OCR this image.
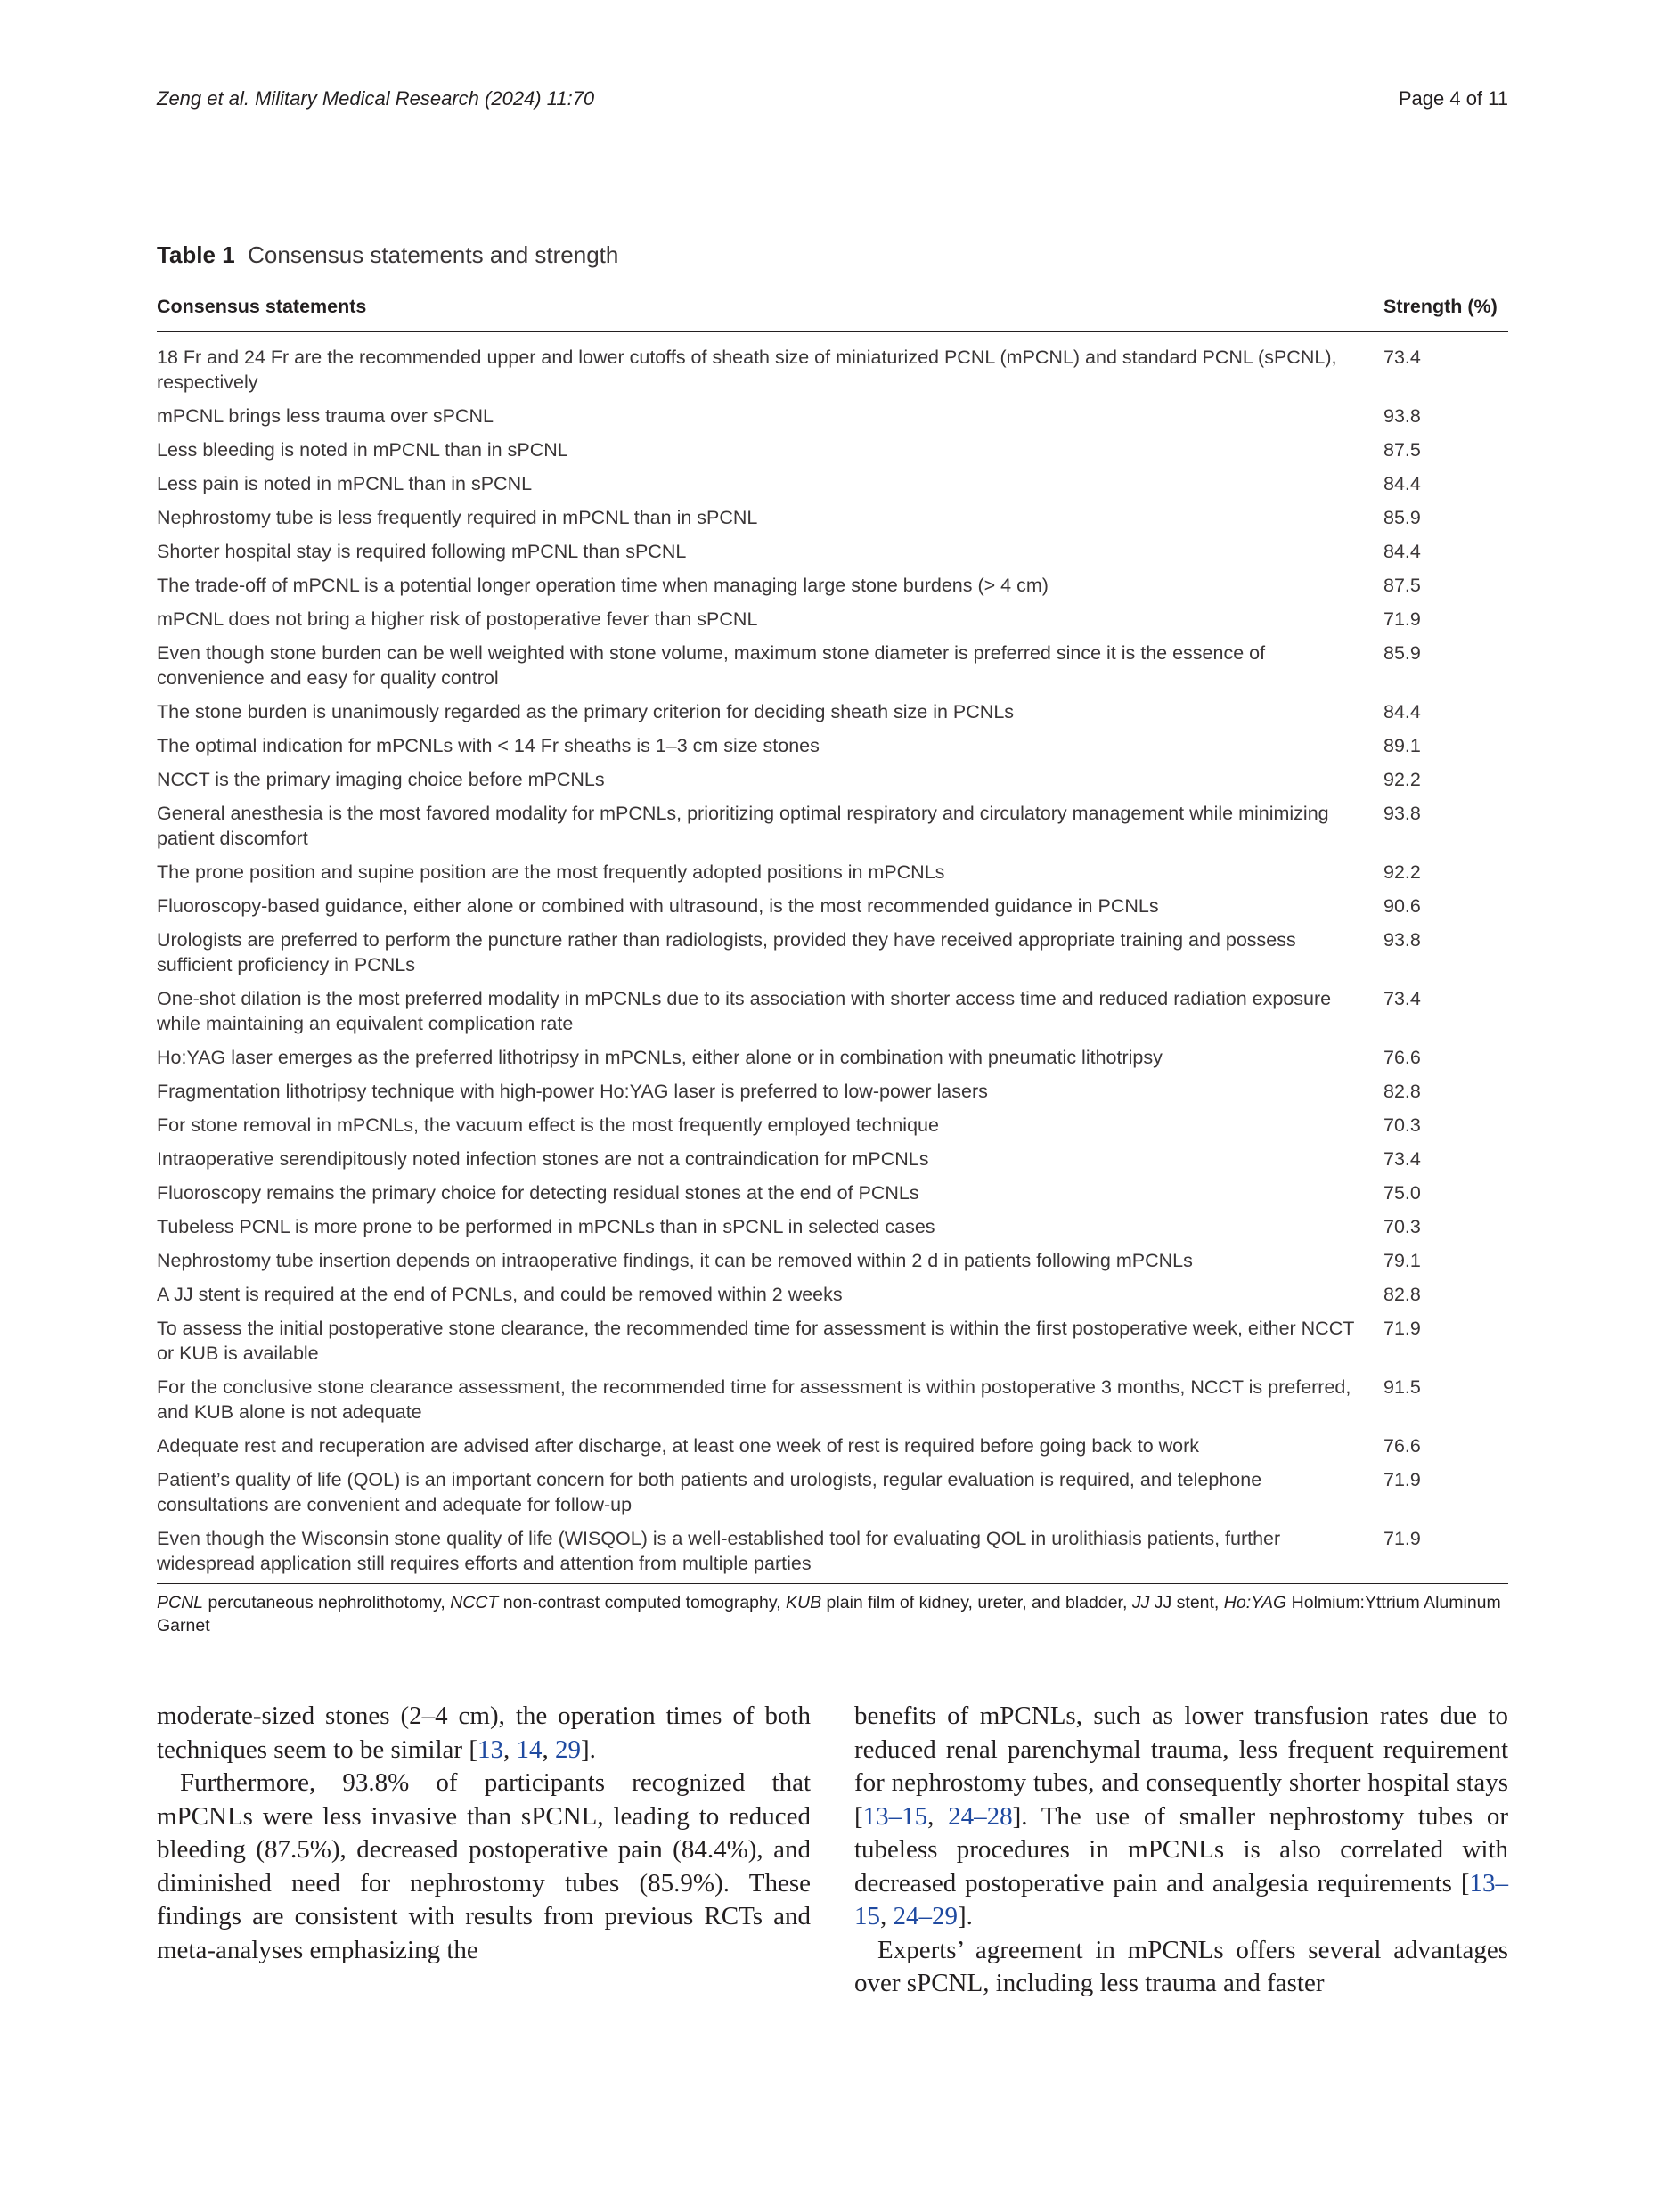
Zeng et al. Military Medical Research (2024) 11:70	Page 4 of 11
Table 1 Consensus statements and strength
Consensus statements	Strength (%)
18 Fr and 24 Fr are the recommended upper and lower cutoffs of sheath size of miniaturized PCNL (mPCNL) and standard PCNL (sPCNL), respectively	73.4
mPCNL brings less trauma over sPCNL	93.8
Less bleeding is noted in mPCNL than in sPCNL	87.5
Less pain is noted in mPCNL than in sPCNL	84.4
Nephrostomy tube is less frequently required in mPCNL than in sPCNL	85.9
Shorter hospital stay is required following mPCNL than sPCNL	84.4
The trade-off of mPCNL is a potential longer operation time when managing large stone burdens (> 4 cm)	87.5
mPCNL does not bring a higher risk of postoperative fever than sPCNL	71.9
Even though stone burden can be well weighted with stone volume, maximum stone diameter is preferred since it is the essence of convenience and easy for quality control	85.9
The stone burden is unanimously regarded as the primary criterion for deciding sheath size in PCNLs	84.4
The optimal indication for mPCNLs with < 14 Fr sheaths is 1–3 cm size stones	89.1
NCCT is the primary imaging choice before mPCNLs	92.2
General anesthesia is the most favored modality for mPCNLs, prioritizing optimal respiratory and circulatory management while minimizing patient discomfort	93.8
The prone position and supine position are the most frequently adopted positions in mPCNLs	92.2
Fluoroscopy-based guidance, either alone or combined with ultrasound, is the most recommended guidance in PCNLs	90.6
Urologists are preferred to perform the puncture rather than radiologists, provided they have received appropriate training and possess sufficient proficiency in PCNLs	93.8
One-shot dilation is the most preferred modality in mPCNLs due to its association with shorter access time and reduced radiation exposure while maintaining an equivalent complication rate	73.4
Ho:YAG laser emerges as the preferred lithotripsy in mPCNLs, either alone or in combination with pneumatic lithotripsy	76.6
Fragmentation lithotripsy technique with high-power Ho:YAG laser is preferred to low-power lasers	82.8
For stone removal in mPCNLs, the vacuum effect is the most frequently employed technique	70.3
Intraoperative serendipitously noted infection stones are not a contraindication for mPCNLs	73.4
Fluoroscopy remains the primary choice for detecting residual stones at the end of PCNLs	75.0
Tubeless PCNL is more prone to be performed in mPCNLs than in sPCNL in selected cases	70.3
Nephrostomy tube insertion depends on intraoperative findings, it can be removed within 2 d in patients following mPCNLs	79.1
A JJ stent is required at the end of PCNLs, and could be removed within 2 weeks	82.8
To assess the initial postoperative stone clearance, the recommended time for assessment is within the first postoperative week, either NCCT or KUB is available	71.9
For the conclusive stone clearance assessment, the recommended time for assessment is within postoperative 3 months, NCCT is preferred, and KUB alone is not adequate	91.5
Adequate rest and recuperation are advised after discharge, at least one week of rest is required before going back to work	76.6
Patient’s quality of life (QOL) is an important concern for both patients and urologists, regular evaluation is required, and telephone consultations are convenient and adequate for follow-up	71.9
Even though the Wisconsin stone quality of life (WISQOL) is a well-established tool for evaluating QOL in urolithiasis patients, further widespread application still requires efforts and attention from multiple parties	71.9
PCNL percutaneous nephrolithotomy, NCCT non-contrast computed tomography, KUB plain film of kidney, ureter, and bladder, JJ JJ stent, Ho:YAG Holmium:Yttrium Aluminum Garnet

moderate-sized stones (2–4 cm), the operation times of both techniques seem to be similar [13, 14, 29].

Furthermore, 93.8% of participants recognized that mPCNLs were less invasive than sPCNL, leading to reduced bleeding (87.5%), decreased postoperative pain (84.4%), and diminished need for nephrostomy tubes (85.9%). These findings are consistent with results from previous RCTs and meta-analyses emphasizing the

benefits of mPCNLs, such as lower transfusion rates due to reduced renal parenchymal trauma, less frequent requirement for nephrostomy tubes, and consequently shorter hospital stays [13–15, 24–28]. The use of smaller nephrostomy tubes or tubeless procedures in mPCNLs is also correlated with decreased postoperative pain and analgesia requirements [13–15, 24–29].

Experts’ agreement in mPCNLs offers several advantages over sPCNL, including less trauma and faster
